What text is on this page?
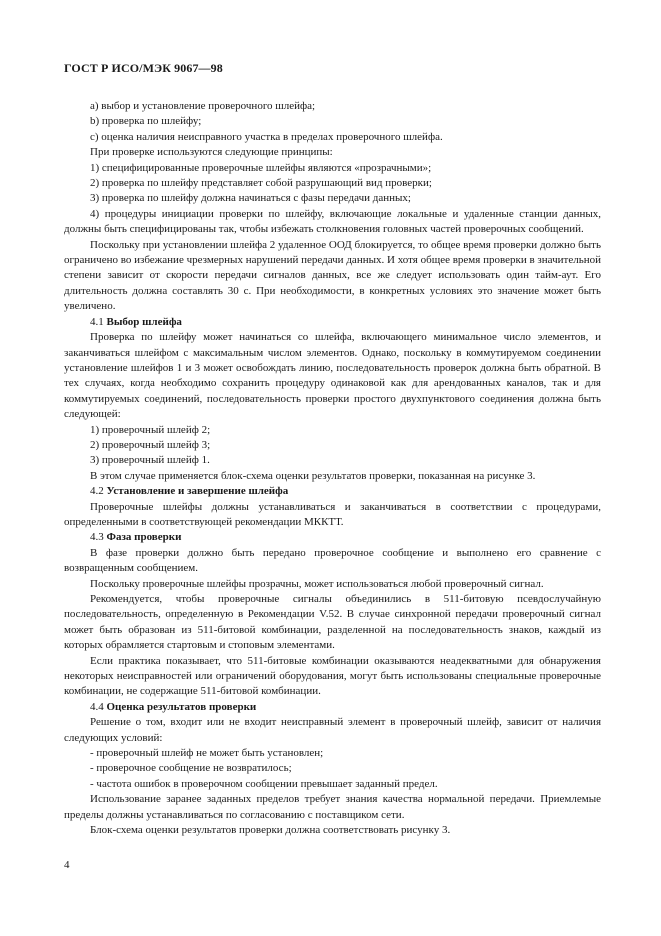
ГОСТ Р ИСО/МЭК 9067—98

а) выбор и установление проверочного шлейфа;

b) проверка по шлейфу;

c) оценка наличия неисправного участка в пределах проверочного шлейфа.

При проверке используются следующие принципы:

1) специфицированные проверочные шлейфы являются «прозрачными»;

2) проверка по шлейфу представляет собой разрушающий вид проверки;

3) проверка по шлейфу должна начинаться с фазы передачи данных;

4) процедуры инициации проверки по шлейфу, включающие локальные и удаленные станции данных, должны быть специфицированы так, чтобы избежать столкновения головных частей проверочных сообщений.

Поскольку при установлении шлейфа 2 удаленное ООД блокируется, то общее время проверки должно быть ограничено во избежание чрезмерных нарушений передачи данных. И хотя общее время проверки в значительной степени зависит от скорости передачи сигналов данных, все же следует использовать один тайм-аут. Его длительность должна составлять 30 с. При необходимости, в конкретных условиях это значение может быть увеличено.

4.1 Выбор шлейфа

Проверка по шлейфу может начинаться со шлейфа, включающего минимальное число элементов, и заканчиваться шлейфом с максимальным числом элементов. Однако, поскольку в коммутируемом соединении установление шлейфов 1 и 3 может освобождать линию, последовательность проверок должна быть обратной. В тех случаях, когда необходимо сохранить процедуру одинаковой как для арендованных каналов, так и для коммутируемых соединений, последовательность проверки простого двухпунктового соединения должна быть следующей:

1) проверочный шлейф 2;

2) проверочный шлейф 3;

3) проверочный шлейф 1.

В этом случае применяется блок-схема оценки результатов проверки, показанная на рисунке 3.

4.2 Установление и завершение шлейфа

Проверочные шлейфы должны устанавливаться и заканчиваться в соответствии с процедурами, определенными в соответствующей рекомендации МККТТ.

4.3 Фаза проверки

В фазе проверки должно быть передано проверочное сообщение и выполнено его сравнение с возвращенным сообщением.

Поскольку проверочные шлейфы прозрачны, может использоваться любой проверочный сигнал.

Рекомендуется, чтобы проверочные сигналы объединились в 511-битовую псевдослучайную последовательность, определенную в Рекомендации V.52. В случае синхронной передачи проверочный сигнал может быть образован из 511-битовой комбинации, разделенной на последовательность знаков, каждый из которых обрамляется стартовым и стоповым элементами.

Если практика показывает, что 511-битовые комбинации оказываются неадекватными для обнаружения некоторых неисправностей или ограничений оборудования, могут быть использованы специальные проверочные комбинации, не содержащие 511-битовой комбинации.

4.4 Оценка результатов проверки

Решение о том, входит или не входит неисправный элемент в проверочный шлейф, зависит от наличия следующих условий:

- проверочный шлейф не может быть установлен;

- проверочное сообщение не возвратилось;

- частота ошибок в проверочном сообщении превышает заданный предел.

Использование заранее заданных пределов требует знания качества нормальной передачи. Приемлемые пределы должны устанавливаться по согласованию с поставщиком сети.

Блок-схема оценки результатов проверки должна соответствовать рисунку 3.

4
